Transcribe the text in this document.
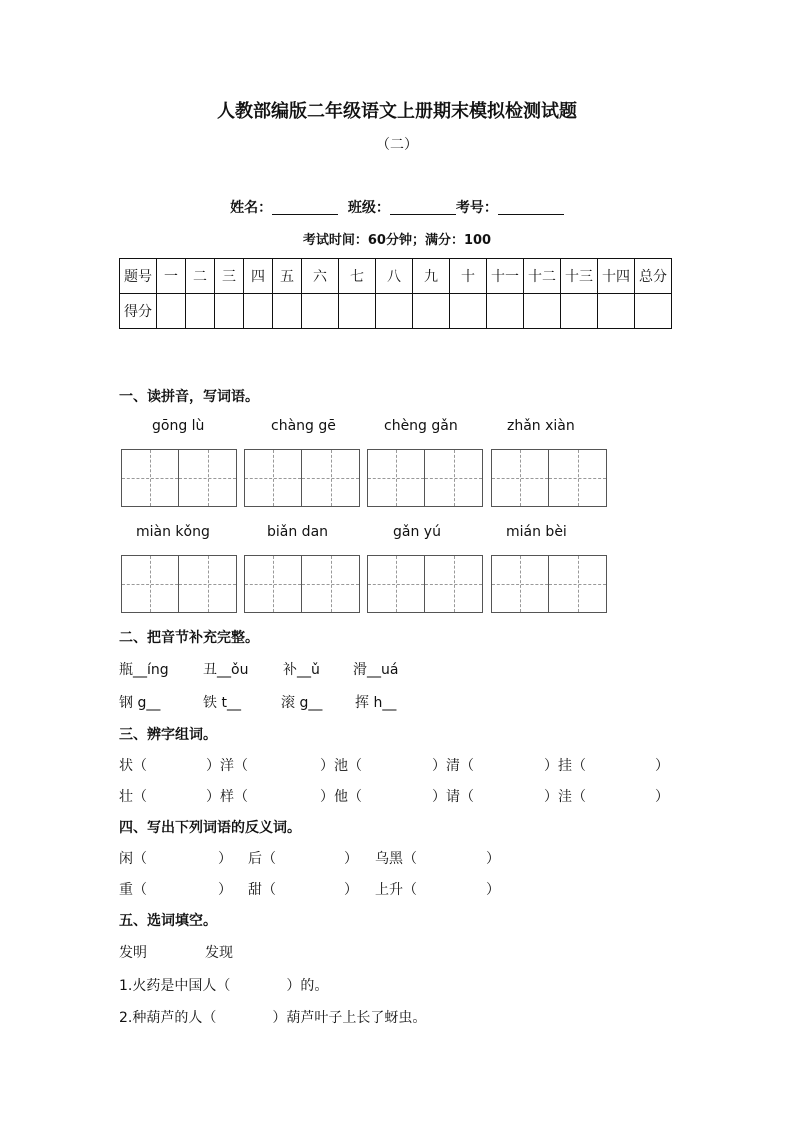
人教部编版二年级语文上册期末模拟检测试题
（二）
姓名：	班级：	考号：
考试时间：60分钟；满分：100
题号	一	二	三	四	五	六	七	八	九	十	十一	十二	十三	十四	总分
得分															
一、读拼音，写词语。
gōng lù	chàng gē	chèng gǎn	zhǎn xiàn
miàn kǒng	biǎn dan	gǎn yú	mián bèi
二、把音节补充完整。
瓶__íng 丑__ǒu 补__ǔ 滑__uá
钢 g__	铁 t__	滚 g__ 挥 h__
三、辨字组词。
状（	）洋（	）池（	）清（	）挂（	）
壮（	）样（	）他（	）请（	）洼（	）
四、写出下列词语的反义词。
闲（	） 后（	） 乌黑（	）
重（	） 甜（	） 上升（	）
五、选词填空。
发明	发现
1.火药是中国人（　　　　）的。
2.种葫芦的人（　　　　）葫芦叶子上长了蚜虫。
